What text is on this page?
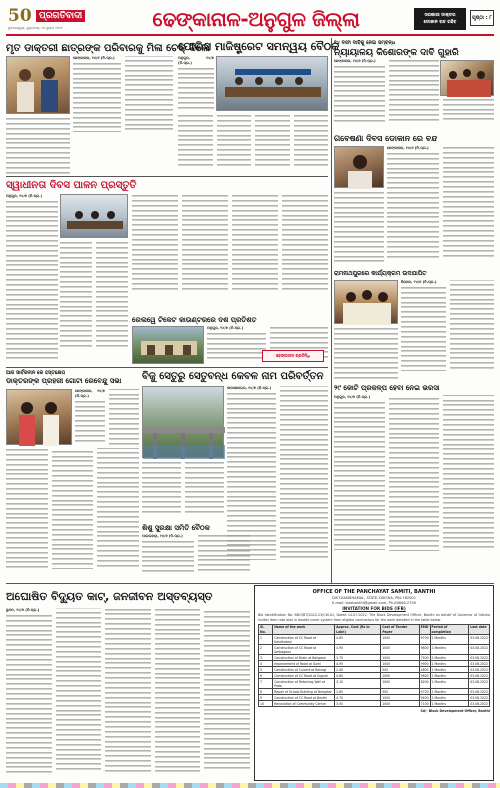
50 ପ୍ରଗତିବାଦୀ
ଭୁବନେଶ୍ୱର, ଶୁକ୍ରବାର, ୧୫ ଜୁଲାଇ ୨୦୨୨	ଢେଙ୍କାନାଳ-ଅନୁଗୁଳ ଜିଲ୍ଲା	ସରକାରୀ ଡାକ୍ତର
ଡୋକାନ ବନ୍ଦ ରହିବ
ପୃଷ୍ଠା : ୮
ମୃତ ଡାକ୍ତରୀ ଛାତ୍ରଙ୍କ ପରିବାରକୁ ମିଳା ଚେକ୍ ଦିଲେ
ଢେଙ୍କାନାଳ, ୧୪/୭ (ନି.ପ୍ର.)
ପୋଲିସ ମାଜିଷ୍ଟ୍ରେଟ ସମନ୍ୱୟ ବୈଠକ
ଅନୁଗୁଳ, ୧୪/୭ (ନି.ପ୍ର.)
୧୪ ଦଫା ଦାବିକୁ ନେଇ ସମ୍ବନ୍ଧ
ନ୍ୟାୟାଳୟ କିଶୋରଙ୍କ ଦାବି ଗୁହାରି
ଢେଙ୍କାନାଳ, ୧୪/୭ (ନି.ପ୍ର.)
ସ୍ୱାଧୀନତା ଦିବସ ପାଳନ ପ୍ରସ୍ତୁତି
ଅନୁଗୁଳ, ୧୪/୭ (ନି.ପ୍ର.)
ରେଲୱେ ଟିକେଟ କାଉଣ୍ଟରରେ ଦଶ ପ୍ରତିଶତ
ଅନୁଗୁଳ, ୧୪/୭ (ନି.ପ୍ର.)
ଢେଙ୍କାନାଳ ପ୍ରତିନିଧି
ଗବେଷଣା ଦିବସ ଡୋକାନ ରେ ବନ୍ଦ
ଢେଙ୍କାନାଳ, ୧୪/୭ (ନି.ପ୍ର.)
ରାମନାଥପୁରରେ କାର୍ଯ୍ୟକ୍ରମ ଉଦଯାପିତ
ହିନ୍ଦୋଳ, ୧୪/୭ (ନି.ପ୍ର.)
ଆଜ ସାର୍ବଜନୀନ ରେ ହସ୍ତକ୍ଷେପ
ଡାକ୍ତରଙ୍କ ପ୍ରହରୀ ଗୋଟା ରେବେନ୍ଦୁ ସଭା
ଢେଙ୍କାନାଳ, ୧୪/୭ (ନି.ପ୍ର.)
ବିଜୁ ସେତୁରୁ ସେତୁବନ୍ଧ କେବଳ ନାମ ପରିବର୍ତ୍ତନ
କାମାକ୍ଷାନଗର, ୧୪/୭ (ନି.ପ୍ର.)
ଶିଶୁ ସୁରକ୍ଷା ସମିତି ବୈଠକ
ପାଲଲହଡ଼ା, ୧୪/୭ (ନି.ପ୍ର.)
୨୯ କୋଟି ପ୍ରକଳ୍ପ ହେବା ନେଇ ଭରସା
ଅନୁଗୁଳ, ୧୪/୭ (ନି.ପ୍ର.)
ଅଘୋଷିତ ବିଦ୍ୟୁତ କାଟ୍, ଜନଜୀବନ ଅସ୍ତବ୍ୟସ୍ତ
ଭୁବନ, ୧୪/୭ (ନି.ପ୍ର.)
OFFICE OF THE PANCHAYAT SAMITI, BANTHI
DIST-KANDHAMAL, STATE-ODISHA, PIN-762001
E-mail: bdobanthi@gmail.com, Ph-06846-2700
INVITATION FOR BIDS (IFB)
Bid Identification No: BDO/BT/2022-23/CW-01, Dated 14.07.2022. The Block Development Officer, Banthi on behalf of Governor of Odisha invites item rate bids in double cover system from eligible contractors for the work detailed in the table below.
Sl. No.	Name of the work	Approx. Cost (Rs in Lakh)	Cost of Tender Paper	EMD	Period of completion	Last date
1	Construction of CC Road at Kandhabari	4.85	1000	9700	2 Months	03.08.2022
2	Construction of CC Road at Ambagaon	4.90	1000	9800	2 Months	03.08.2022
3	Construction of Drain at Baligaon	3.75	1000	7500	2 Months	03.08.2022
4	Improvement of Road at Gumi	4.95	1000	9900	2 Months	03.08.2022
5	Construction of Culvert at Rasingi	2.40	500	4800	2 Months	03.08.2022
6	Construction of CC Road at Sugudi	4.80	1000	9600	2 Months	03.08.2022
7	Construction of Retaining Wall at Pada	3.10	1000	6200	2 Months	03.08.2022
8	Repair of School Building at Belaghar	2.85	500	5700	2 Months	03.08.2022
9	Construction of CC Road at Banthi	4.70	1000	9400	2 Months	03.08.2022
10	Renovation of Community Centre	3.55	1000	7100	2 Months	03.08.2022
Sd/- Block Development Officer, Banthi
